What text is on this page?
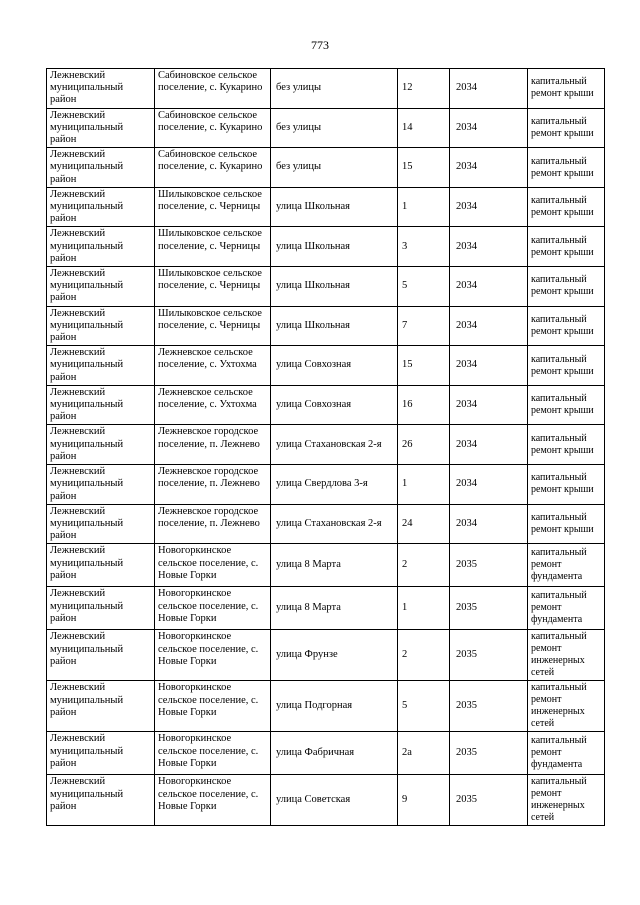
773
Лежневский муниципальный район	Сабиновское сельское поселение, с. Кукарино	без улицы	12	2034	капитальный ремонт крыши
Лежневский муниципальный район	Сабиновское сельское поселение, с. Кукарино	без улицы	14	2034	капитальный ремонт крыши
Лежневский муниципальный район	Сабиновское сельское поселение, с. Кукарино	без улицы	15	2034	капитальный ремонт крыши
Лежневский муниципальный район	Шилыковское сельское поселение, с. Черницы	улица Школьная	1	2034	капитальный ремонт крыши
Лежневский муниципальный район	Шилыковское сельское поселение, с. Черницы	улица Школьная	3	2034	капитальный ремонт крыши
Лежневский муниципальный район	Шилыковское сельское поселение, с. Черницы	улица Школьная	5	2034	капитальный ремонт крыши
Лежневский муниципальный район	Шилыковское сельское поселение, с. Черницы	улица Школьная	7	2034	капитальный ремонт крыши
Лежневский муниципальный район	Лежневское сельское поселение, с. Ухтохма	улица Совхозная	15	2034	капитальный ремонт крыши
Лежневский муниципальный район	Лежневское сельское поселение, с. Ухтохма	улица Совхозная	16	2034	капитальный ремонт крыши
Лежневский муниципальный район	Лежневское городское поселение, п. Лежнево	улица Стахановская 2-я	26	2034	капитальный ремонт крыши
Лежневский муниципальный район	Лежневское городское поселение, п. Лежнево	улица Свердлова 3-я	1	2034	капитальный ремонт крыши
Лежневский муниципальный район	Лежневское городское поселение, п. Лежнево	улица Стахановская 2-я	24	2034	капитальный ремонт крыши
Лежневский муниципальный район	Новогоркинское сельское поселение, с. Новые Горки	улица 8 Марта	2	2035	капитальный ремонт фундамента
Лежневский муниципальный район	Новогоркинское сельское поселение, с. Новые Горки	улица 8 Марта	1	2035	капитальный ремонт фундамента
Лежневский муниципальный район	Новогоркинское сельское поселение, с. Новые Горки	улица Фрунзе	2	2035	капитальный ремонт инженерных сетей
Лежневский муниципальный район	Новогоркинское сельское поселение, с. Новые Горки	улица Подгорная	5	2035	капитальный ремонт инженерных сетей
Лежневский муниципальный район	Новогоркинское сельское поселение, с. Новые Горки	улица Фабричная	2а	2035	капитальный ремонт фундамента
Лежневский муниципальный район	Новогоркинское сельское поселение, с. Новые Горки	улица Советская	9	2035	капитальный ремонт инженерных сетей
